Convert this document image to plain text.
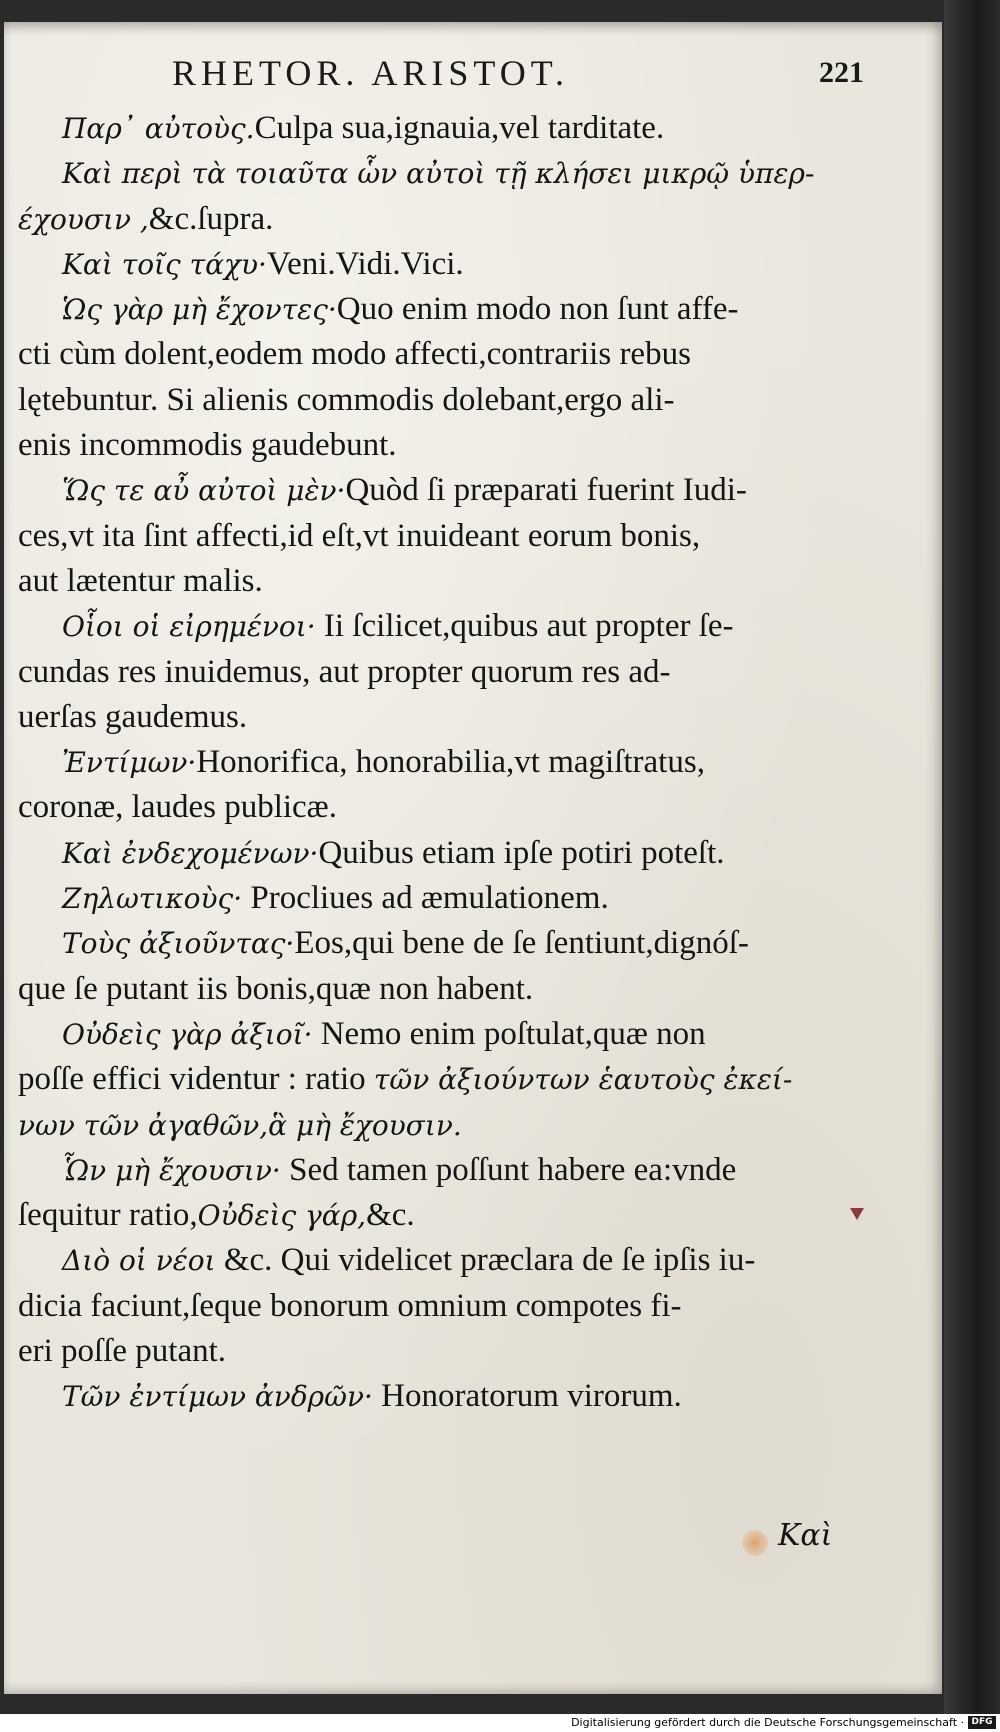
RHETOR. ARISTOT.	221
Παρ᾽ αὐτοὺς.Culpa sua,ignauia,vel tarditate.
Καὶ περὶ τὰ τοιαῦτα ὧν αὐτοὶ τῇ κλήσει μικρῷ ὑπερ-
έχουσιν ,&c.ſupra.
Καὶ τοῖς τάχυ·Veni.Vidi.Vici.
Ὡς γὰρ μὴ ἔχοντες·Quo enim modo non ſunt affe-
cti cùm dolent,eodem modo affecti,contrariis rebus
lętebuntur. Si alienis commodis dolebant,ergo ali-
enis incommodis gaudebunt.
Ὥς τε αὖ αὐτοὶ μὲν·Quòd ſi præparati fuerint Iudi-
ces,vt ita ſint affecti,id eſt,vt inuideant eorum bonis,
aut lætentur malis.
Οἷοι οἱ εἰρημένοι· Ii ſcilicet,quibus aut propter ſe-
cundas res inuidemus, aut propter quorum res ad-
uerſas gaudemus.
Ἐντίμων·Honorifica, honorabilia,vt magiſtratus,
coronæ, laudes publicæ.
Καὶ ἐνδεχομένων·Quibus etiam ipſe potiri poteſt.
Ζηλωτικοὺς· Procliues ad æmulationem.
Τοὺς ἀξιοῦντας·Eos,qui bene de ſe ſentiunt,dignóſ-
que ſe putant iis bonis,quæ non habent.
Οὐδεὶς γὰρ ἀξιοῖ· Nemo enim poſtulat,quæ non
poſſe effici videntur : ratio τῶν ἀξιούντων ἑαυτοὺς ἐκεί-
νων τῶν ἀγαθῶν,ἃ μὴ ἔχουσιν.
Ὧν μὴ ἔχουσιν· Sed tamen poſſunt habere ea:vnde
ſequitur ratio,Οὐδεὶς γάρ,&c.
Διὸ οἱ νέοι &c. Qui videlicet præclara de ſe ipſis iu-
dicia faciunt,ſeque bonorum omnium compotes fi-
eri poſſe putant.
Τῶν ἐντίμων ἀνδρῶν· Honoratorum virorum.
Καὶ
Digitalisierung gefördert durch die Deutsche Forschungsgemeinschaft · DFG
